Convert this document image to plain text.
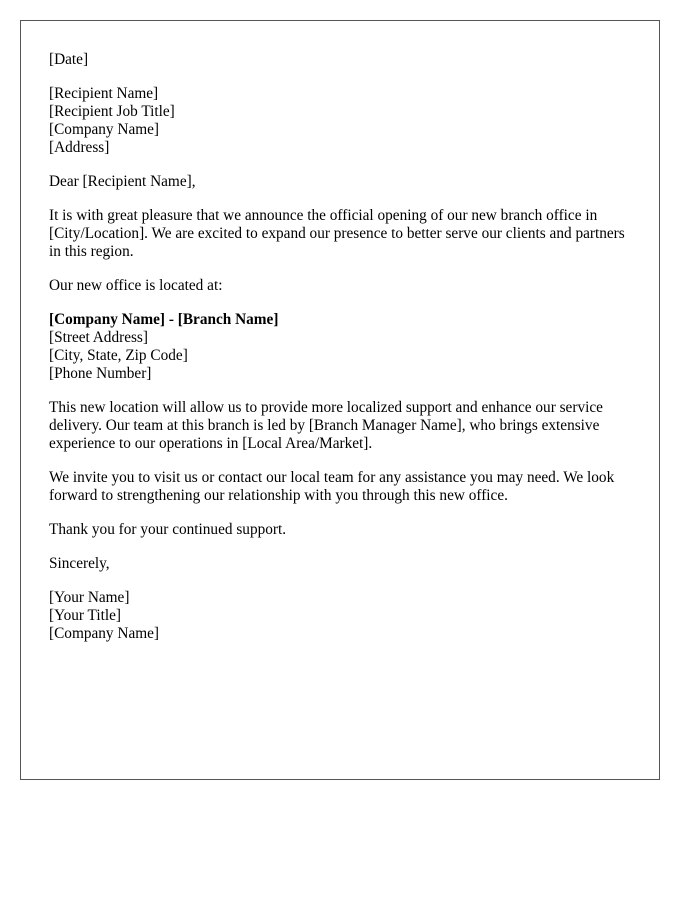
[Date]

[Recipient Name]
[Recipient Job Title]
[Company Name]
[Address]

Dear [Recipient Name],

It is with great pleasure that we announce the official opening of our new branch office in [City/Location]. We are excited to expand our presence to better serve our clients and partners in this region.

Our new office is located at:

[Company Name] - [Branch Name]
[Street Address]
[City, State, Zip Code]
[Phone Number]

This new location will allow us to provide more localized support and enhance our service delivery. Our team at this branch is led by [Branch Manager Name], who brings extensive experience to our operations in [Local Area/Market].

We invite you to visit us or contact our local team for any assistance you may need. We look forward to strengthening our relationship with you through this new office.

Thank you for your continued support.

Sincerely,

[Your Name]
[Your Title]
[Company Name]
